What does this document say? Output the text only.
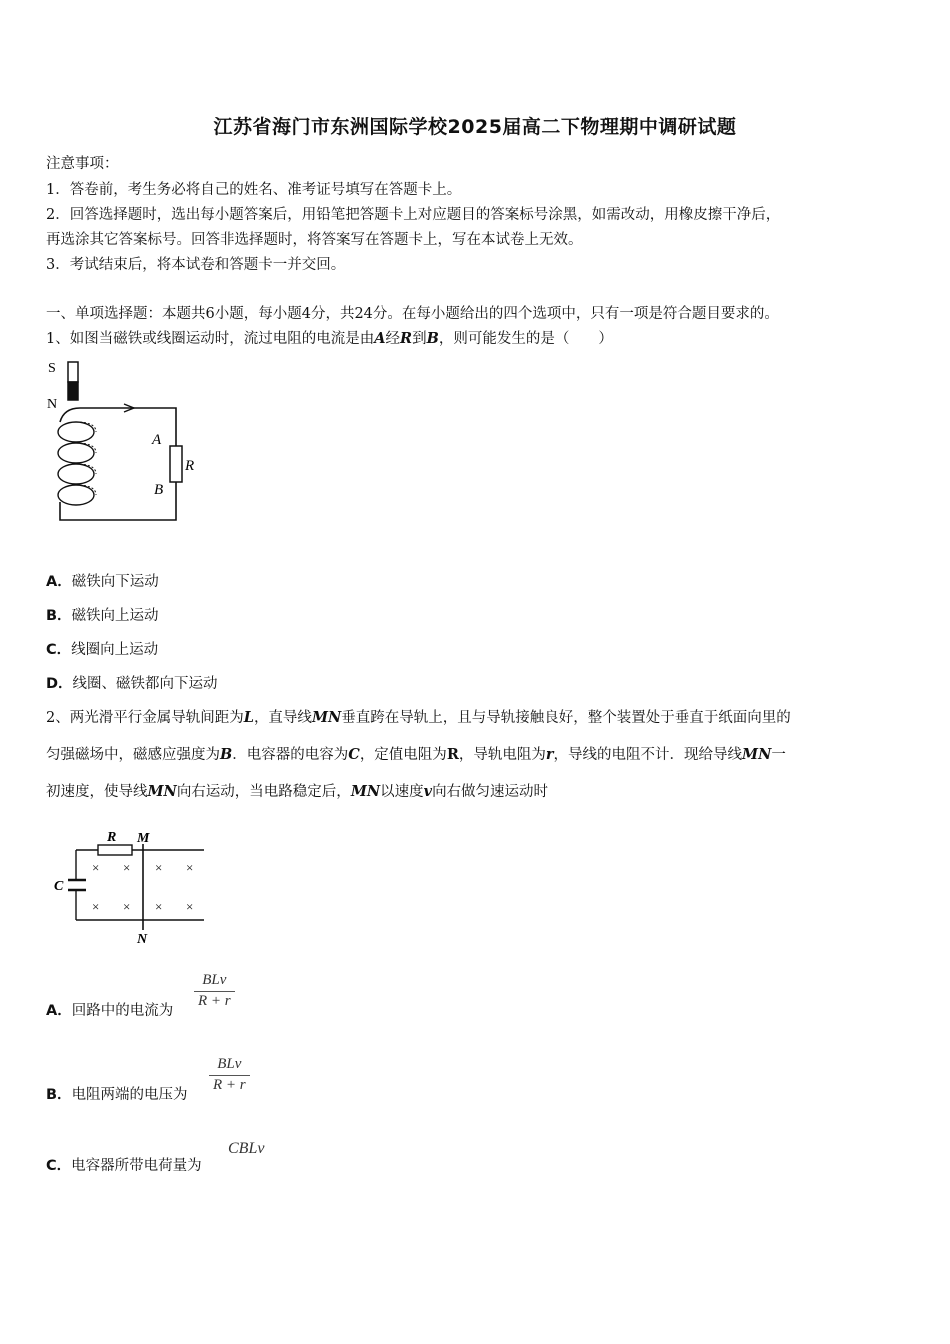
江苏省海门市东洲国际学校2025届高二下物理期中调研试题
注意事项：
1．答卷前，考生务必将自己的姓名、准考证号填写在答题卡上。
2．回答选择题时，选出每小题答案后，用铅笔把答题卡上对应题目的答案标号涂黑，如需改动，用橡皮擦干净后，
再选涂其它答案标号。回答非选择题时，将答案写在答题卡上，写在本试卷上无效。
3．考试结束后，将本试卷和答题卡一并交回。
一、单项选择题：本题共6小题，每小题4分，共24分。在每小题给出的四个选项中，只有一项是符合题目要求的。
1、如图当磁铁或线圈运动时，流过电阻的电流是由A经R到B，则可能发生的是（　　）
S
N
A
R
B
A．磁铁向下运动
B．磁铁向上运动
C．线圈向上运动
D．线圈、磁铁都向下运动
2、两光滑平行金属导轨间距为L，直导线MN垂直跨在导轨上，且与导轨接触良好，整个装置处于垂直于纸面向里的
匀强磁场中，磁感应强度为B．电容器的电容为C，定值电阻为R，导轨电阻为r，导线的电阻不计．现给导线MN一
初速度，使导线MN向右运动，当电路稳定后，MN以速度v向右做匀速运动时
R M
C
N
× × × ×
× × × ×
A．回路中的电流为
BLv
R + r
B．电阻两端的电压为
BLv
R + r
C．电容器所带电荷量为
CBLv
